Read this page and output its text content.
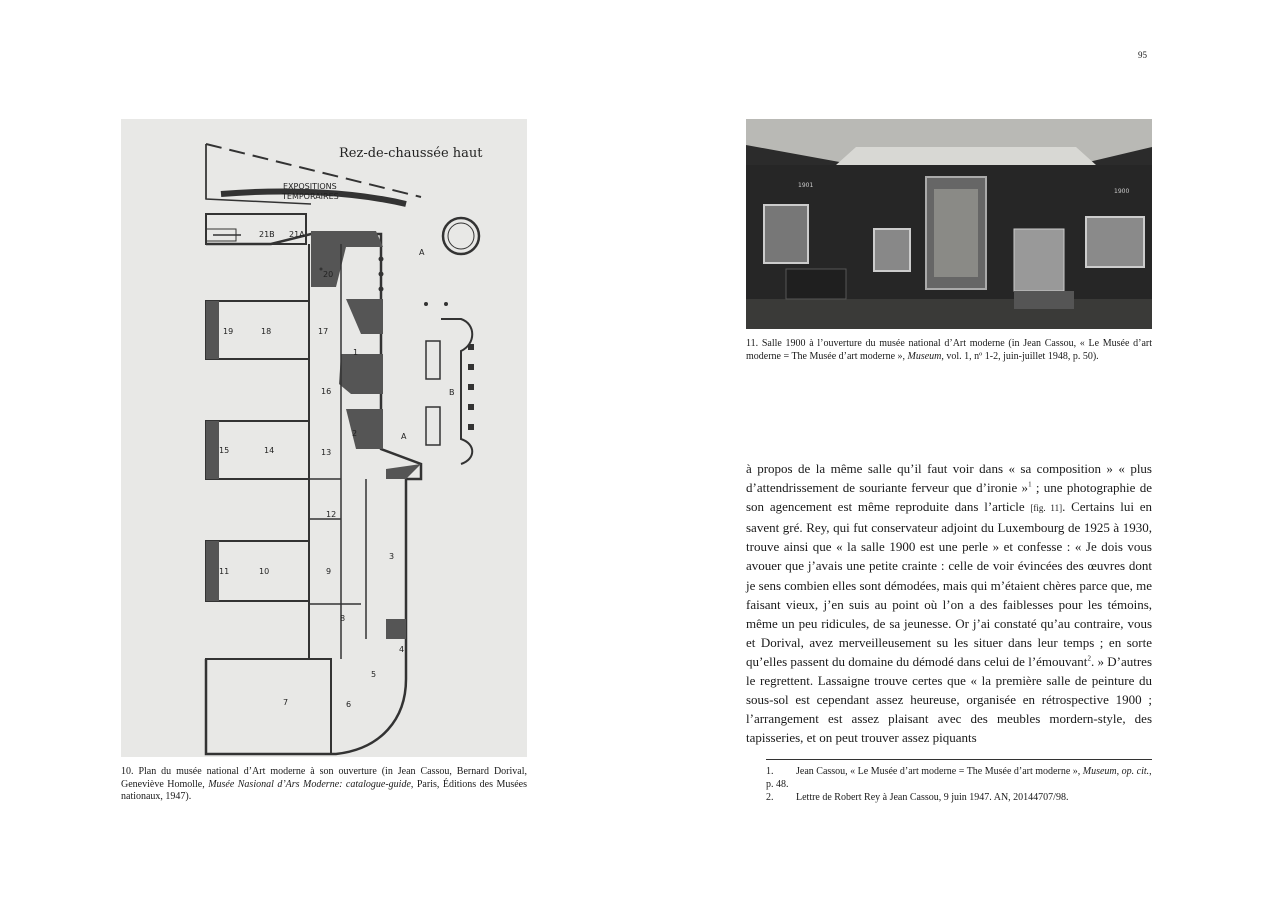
95
Rez-de-chaussée haut
EXPOSITIONS
TEMPORAIRES
21B 21A
20
19	18	17
1
16
2
15	14	13
12
11	10	9
8
3
4
5
6
7
A
A
B
10. Plan du musée national d’Art moderne à son ouverture (in Jean Cassou, Bernard Dorival, Geneviève Homolle, Musée Nasional d’Ars Moderne: catalogue-guide, Paris, Éditions des Musées nationaux, 1947).
1901
1900
11. Salle 1900 à l’ouverture du musée national d’Art moderne (in Jean Cassou, « Le Musée d’art moderne = The Musée d’art moderne », Museum, vol. 1, nº 1-2, juin-juillet 1948, p. 50).

à propos de la même salle qu’il faut voir dans « sa composition » « plus d’attendrissement de souriante ferveur que d’ironie »$^1$ ; une photographie de son agencement est même reproduite dans l’article [fig. 11]. Certains lui en savent gré. Rey, qui fut conservateur adjoint du Luxembourg de 1925 à 1930, trouve ainsi que « la salle 1900 est une perle » et confesse : « Je dois vous avouer que j’avais une petite crainte : celle de voir évincées des œuvres dont je sens combien elles sont démodées, mais qui m’étaient chères parce que, me faisant vieux, j’en suis au point où l’on a des faiblesses pour les témoins, même un peu ridicules, de sa jeunesse. Or j’ai constaté qu’au contraire, vous et Dorival, avez merveilleusement su les situer dans leur temps ; en sorte qu’elles passent du domaine du démodé dans celui de l’émouvant$^2$. » D’autres le regrettent. Lassaigne trouve certes que « la première salle de peinture du sous-sol est cependant assez heureuse, organisée en rétrospective 1900 ; l’arrangement est assez plaisant avec des meubles mordern-style, des tapisseries, et on peut trouver assez piquants

1. Jean Cassou, « Le Musée d’art moderne = The Musée d’art moderne », Museum, op. cit., p. 48.
2. Lettre de Robert Rey à Jean Cassou, 9 juin 1947. AN, 20144707/98.
